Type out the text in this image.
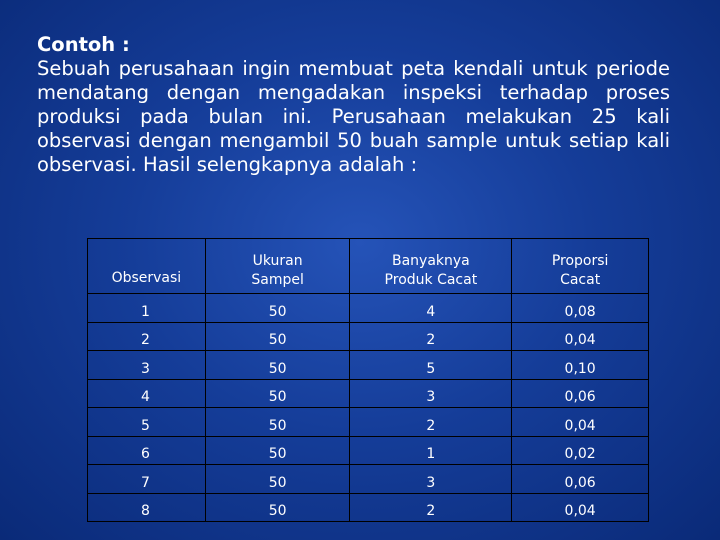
Contoh :
Sebuah perusahaan ingin membuat peta kendali untuk periode mendatang dengan mengadakan inspeksi terhadap proses produksi pada bulan ini. Perusahaan melakukan 25 kali observasi dengan mengambil 50 buah sample untuk setiap kali observasi. Hasil selengkapnya adalah :
Observasi	Ukuran Sampel	Banyaknya Produk Cacat	Proporsi Cacat
1	50	4	0,08
2	50	2	0,04
3	50	5	0,10
4	50	3	0,06
5	50	2	0,04
6	50	1	0,02
7	50	3	0,06
8	50	2	0,04
